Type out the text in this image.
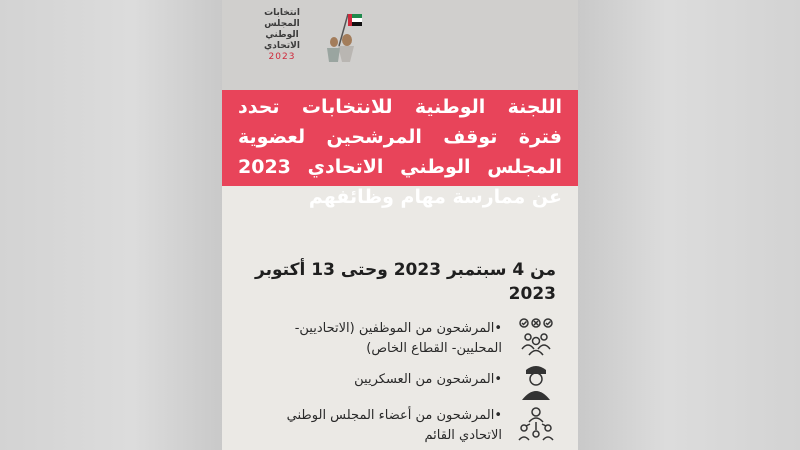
انتخابات
المجلس
الوطني
الاتحادي
2023
اللجنة الوطنية للانتخابات تحدد فترة توقف المرشحين لعضوية المجلس الوطني الاتحادي 2023 عن ممارسة مهام وظائفهم
من 4 سبتمبر 2023 وحتى 13 أكتوبر 2023
•المرشحون من الموظفين (الاتحاديين- المحليين- القطاع الخاص)
•المرشحون من العسكريين
•المرشحون من أعضاء المجلس الوطني الاتحادي القائم
